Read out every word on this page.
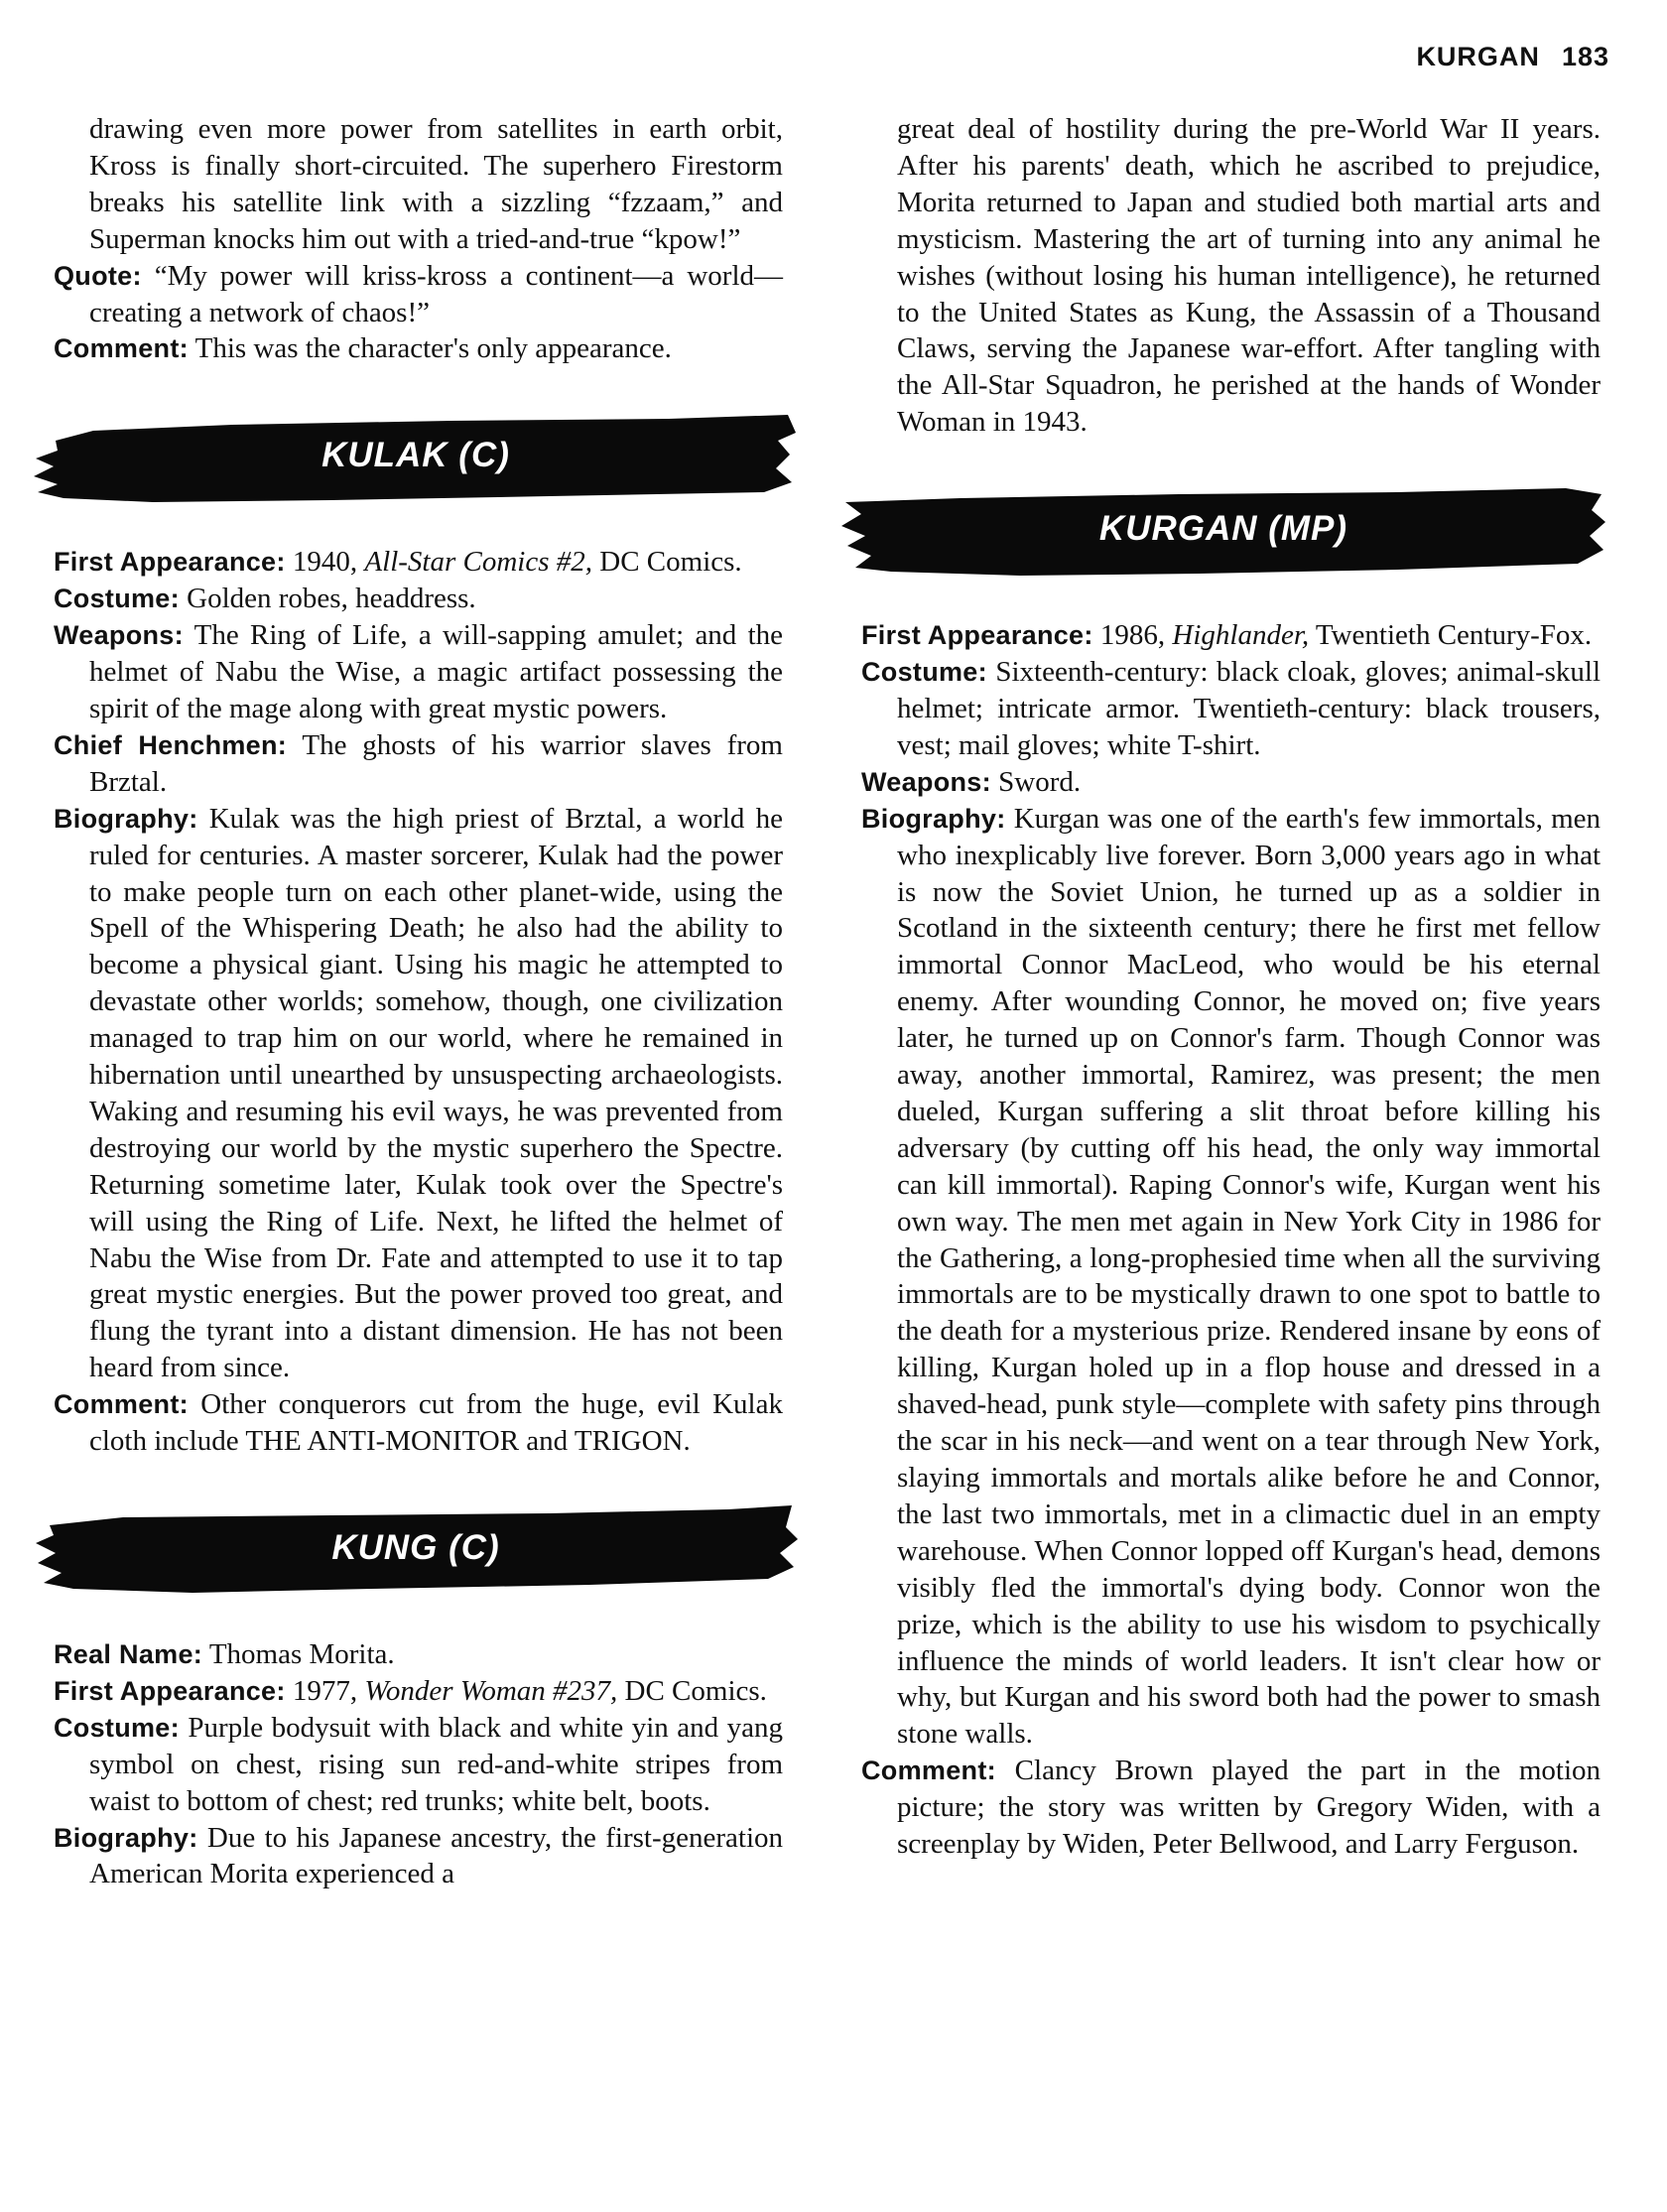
KURGAN 183

drawing even more power from satellites in earth orbit, Kross is finally short-circuited. The superhero Firestorm breaks his satellite link with a sizzling “fzzaam,” and Superman knocks him out with a tried-and-true “kpow!”

Quote: “My power will kriss-kross a continent—a world—creating a network of chaos!”

Comment: This was the character's only appearance.

KULAK (C)

First Appearance: 1940, All-Star Comics #2, DC Comics.

Costume: Golden robes, headdress.

Weapons: The Ring of Life, a will-sapping amulet; and the helmet of Nabu the Wise, a magic artifact possessing the spirit of the mage along with great mystic powers.

Chief Henchmen: The ghosts of his warrior slaves from Brztal.

Biography: Kulak was the high priest of Brztal, a world he ruled for centuries. A master sorcerer, Kulak had the power to make people turn on each other planet-wide, using the Spell of the Whispering Death; he also had the ability to become a physical giant. Using his magic he attempted to devastate other worlds; somehow, though, one civilization managed to trap him on our world, where he remained in hibernation until unearthed by unsuspecting archaeologists. Waking and resuming his evil ways, he was prevented from destroying our world by the mystic superhero the Spectre. Returning sometime later, Kulak took over the Spectre's will using the Ring of Life. Next, he lifted the helmet of Nabu the Wise from Dr. Fate and attempted to use it to tap great mystic energies. But the power proved too great, and flung the tyrant into a distant dimension. He has not been heard from since.

Comment: Other conquerors cut from the huge, evil Kulak cloth include THE ANTI-MONITOR and TRIGON.

KUNG (C)

Real Name: Thomas Morita.

First Appearance: 1977, Wonder Woman #237, DC Comics.

Costume: Purple bodysuit with black and white yin and yang symbol on chest, rising sun red-and-white stripes from waist to bottom of chest; red trunks; white belt, boots.

Biography: Due to his Japanese ancestry, the first-generation American Morita experienced a

great deal of hostility during the pre-World War II years. After his parents' death, which he ascribed to prejudice, Morita returned to Japan and studied both martial arts and mysticism. Mastering the art of turning into any animal he wishes (without losing his human intelligence), he returned to the United States as Kung, the Assassin of a Thousand Claws, serving the Japanese war-effort. After tangling with the All-Star Squadron, he perished at the hands of Wonder Woman in 1943.

KURGAN (MP)

First Appearance: 1986, Highlander, Twentieth Century-Fox.

Costume: Sixteenth-century: black cloak, gloves; animal-skull helmet; intricate armor. Twentieth-century: black trousers, vest; mail gloves; white T-shirt.

Weapons: Sword.

Biography: Kurgan was one of the earth's few immortals, men who inexplicably live forever. Born 3,000 years ago in what is now the Soviet Union, he turned up as a soldier in Scotland in the sixteenth century; there he first met fellow immortal Connor MacLeod, who would be his eternal enemy. After wounding Connor, he moved on; five years later, he turned up on Connor's farm. Though Connor was away, another immortal, Ramirez, was present; the men dueled, Kurgan suffering a slit throat before killing his adversary (by cutting off his head, the only way immortal can kill immortal). Raping Connor's wife, Kurgan went his own way. The men met again in New York City in 1986 for the Gathering, a long-prophesied time when all the surviving immortals are to be mystically drawn to one spot to battle to the death for a mysterious prize. Rendered insane by eons of killing, Kurgan holed up in a flop house and dressed in a shaved-head, punk style—complete with safety pins through the scar in his neck—and went on a tear through New York, slaying immortals and mortals alike before he and Connor, the last two immortals, met in a climactic duel in an empty warehouse. When Connor lopped off Kurgan's head, demons visibly fled the immortal's dying body. Connor won the prize, which is the ability to use his wisdom to psychically influence the minds of world leaders. It isn't clear how or why, but Kurgan and his sword both had the power to smash stone walls.

Comment: Clancy Brown played the part in the motion picture; the story was written by Gregory Widen, with a screenplay by Widen, Peter Bellwood, and Larry Ferguson.
